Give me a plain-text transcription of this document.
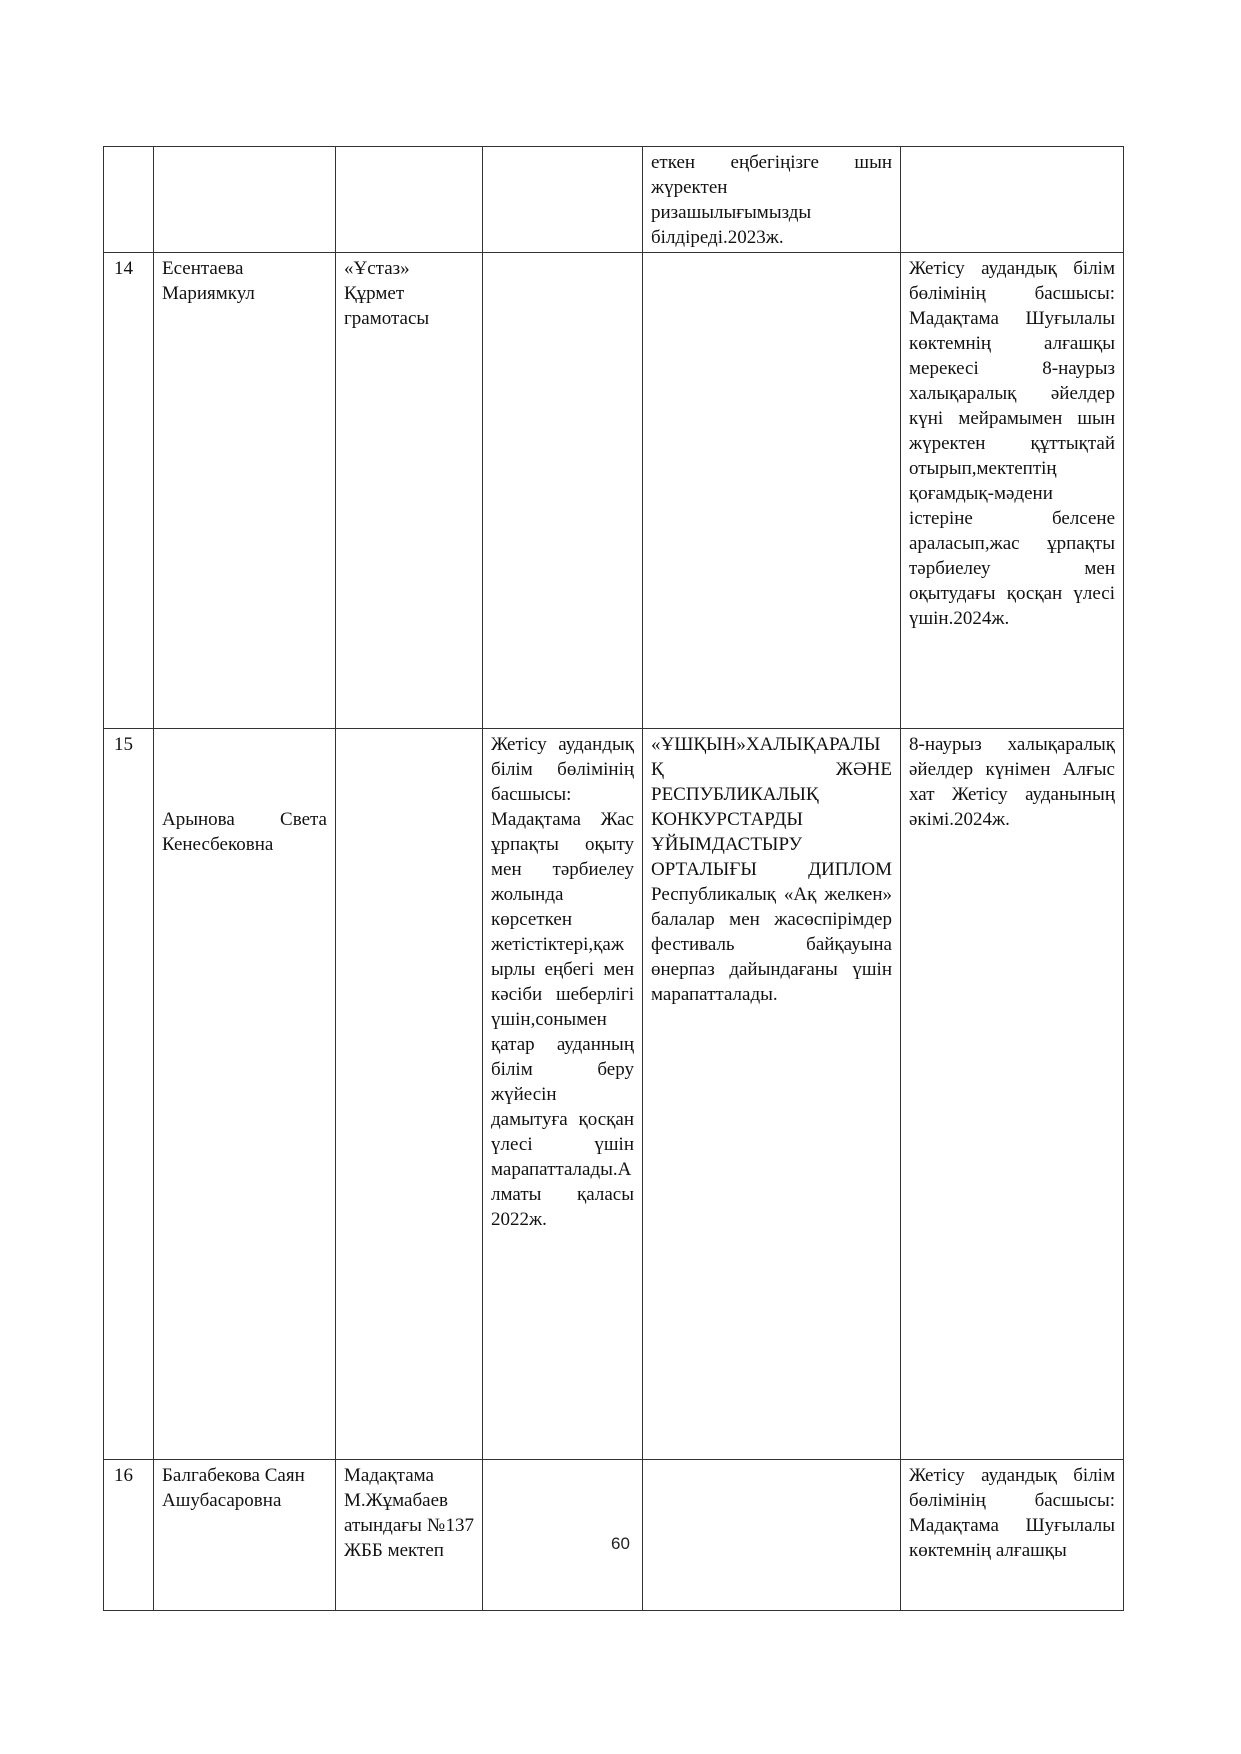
				еткен еңбегіңізге шын жүректен ризашылығымызды білдіреді.2023ж.	
14	Есентаева Мариямкул	«Ұстаз» Құрмет грамотасы			Жетісу аудандық білім бөлімінің басшысы: Мадақтама Шуғылалы көктемнің алғашқы мерекесі 8-наурыз халықаралық әйелдер күні мейрамымен шын жүректен құттықтай отырып,мектептің қоғамдық-мәдени істеріне белсене араласып,жас ұрпақты тәрбиелеу мен оқытудағы қосқан үлесі үшін.2024ж.
15	Арынова Света Кенесбековна		Жетісу аудандық білім бөлімінің басшысы: Мадақтама Жас ұрпақты оқыту мен тәрбиелеу жолында көрсеткен жетістіктері,қажырлы еңбегі мен кәсіби шеберлігі үшін,сонымен қатар ауданның білім беру жүйесін дамытуға қосқан үлесі үшін марапатталады.Алматы қаласы 2022ж.	«ҰШҚЫН»ХАЛЫҚАРАЛЫҚ ЖӘНЕ РЕСПУБЛИКАЛЫҚ КОНКУРСТАРДЫ ҰЙЫМДАСТЫРУ ОРТАЛЫҒЫ ДИПЛОМ Республикалық «Ақ желкен» балалар мен жасөспірімдер фестиваль байқауына өнерпаз дайындағаны үшін марапатталады.	8-наурыз халықаралық әйелдер күнімен Алғыс хат Жетісу ауданының әкімі.2024ж.
16	Балгабекова Саян Ашубасаровна	Мадақтама М.Жұмабаев атындағы №137 ЖББ мектеп			Жетісу аудандық білім бөлімінің басшысы: Мадақтама Шуғылалы көктемнің алғашқы
60
